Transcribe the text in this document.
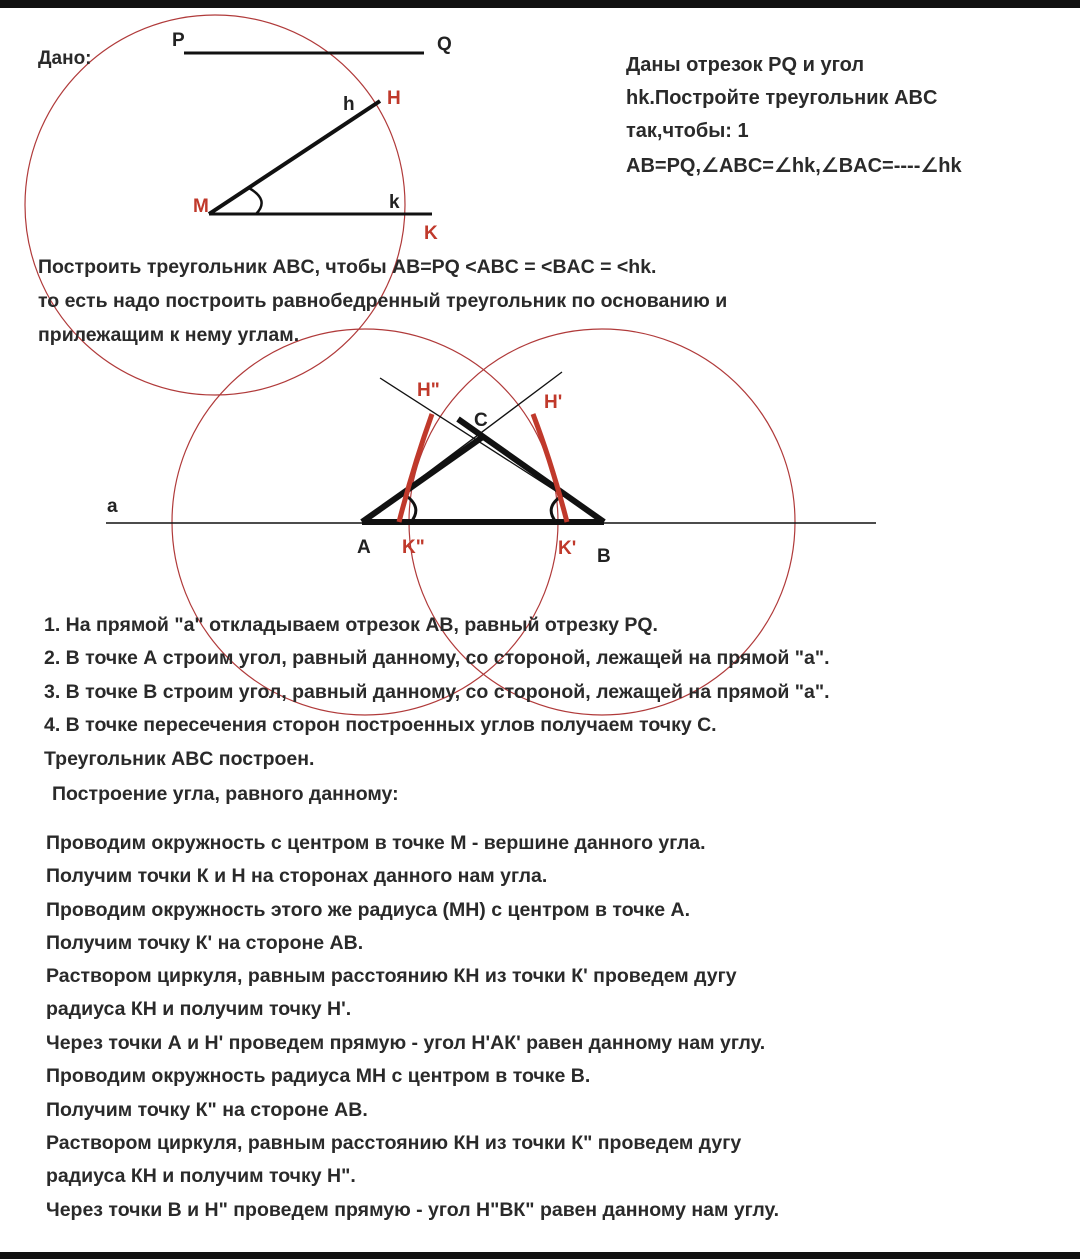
P	Q
h H
M	k
K
a
A	B
C
H"
H'
K"	K'
Дано:	Даны отрезок PQ и угол
hk.Постройте треугольник ABC
так,чтобы: 1
AB=PQ,∠ABC=∠hk,∠BAC=----∠hk
Построить треугольник ABC, чтобы AB=PQ <ABC = <BAC = <hk.
то есть надо построить равнобедренный треугольник по основанию и
прилежащим к нему углам.
1. На прямой "а" откладываем отрезок AB, равный отрезку PQ.
2. В точке А строим угол, равный данному, со стороной, лежащей на прямой "а".
3. В точке В строим угол, равный данному, со стороной, лежащей на прямой "а".
4. В точке пересечения сторон построенных углов получаем точку С.
Треугольник ABC построен.
Построение угла, равного данному:
Проводим окружность с центром в точке М - вершине данного угла.
Получим точки К и Н на сторонах данного нам угла.
Проводим окружность этого же радиуса (МН) с центром в точке А.
Получим точку К' на стороне AB.
Раствором циркуля, равным расстоянию КН из точки К' проведем дугу
радиуса КН и получим точку Н'.
Через точки А и Н' проведем прямую - угол Н'АК' равен данному нам углу.
Проводим окружность радиуса МН с центром в точке В.
Получим точку К" на стороне AB.
Раствором циркуля, равным расстоянию КН из точки К" проведем дугу
радиуса КН и получим точку Н".
Через точки В и Н" проведем прямую - угол Н"ВК" равен данному нам углу.
